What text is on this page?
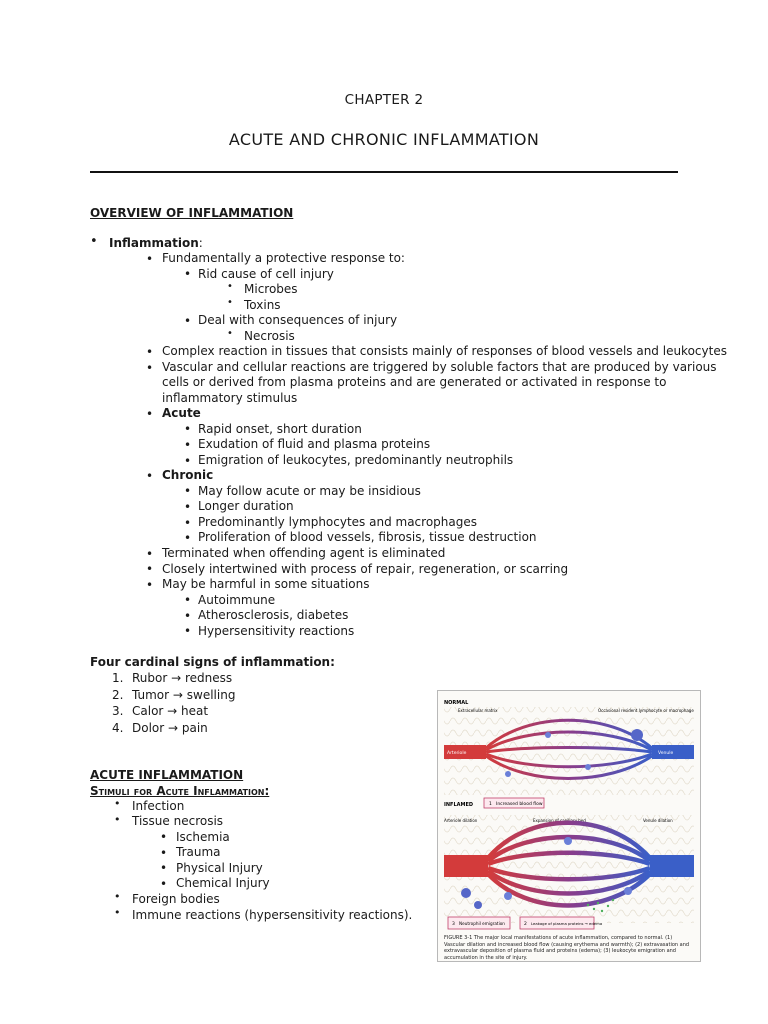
CHAPTER 2
ACUTE AND CHRONIC INFLAMMATION
OVERVIEW OF INFLAMMATION
• Inflammation:
• Fundamentally a protective response to:
• Rid cause of cell injury
• Microbes
• Toxins
• Deal with consequences of injury
• Necrosis
• Complex reaction in tissues that consists mainly of responses of blood vessels and leukocytes
• Vascular and cellular reactions are triggered by soluble factors that are produced by various
cells or derived from plasma proteins and are generated or activated in response to
inflammatory stimulus
• Acute
• Rapid onset, short duration
• Exudation of fluid and plasma proteins
• Emigration of leukocytes, predominantly neutrophils
• Chronic
• May follow acute or may be insidious
• Longer duration
• Predominantly lymphocytes and macrophages
• Proliferation of blood vessels, fibrosis, tissue destruction
• Terminated when offending agent is eliminated
• Closely intertwined with process of repair, regeneration, or scarring
• May be harmful in some situations
• Autoimmune
• Atherosclerosis, diabetes
• Hypersensitivity reactions
Four cardinal signs of inflammation:
1. Rubor → redness
2. Tumor → swelling
3. Calor → heat
4. Dolor → pain
ACUTE INFLAMMATION
Stimuli for Acute Inflammation:
• Infection
• Tissue necrosis
• Ischemia
• Trauma
• Physical Injury
• Chemical Injury
• Foreign bodies
• Immune reactions (hypersensitivity reactions).
NORMAL
Extracellular matrix	Occasional resident lymphocyte or macrophage
Arteriole	Venule
INFLAMED	1 Increased blood flow
Arteriole dilation	Expansion of capillary bed	Venule dilation
3 Neutrophil emigration	2 Leakage of plasma proteins → edema
FIGURE 3-1 The major local manifestations of acute inflammation, compared to normal. (1) Vascular dilation and increased blood flow (causing erythema and warmth); (2) extravasation and extravascular deposition of plasma fluid and proteins (edema); (3) leukocyte emigration and accumulation in the site of injury.
